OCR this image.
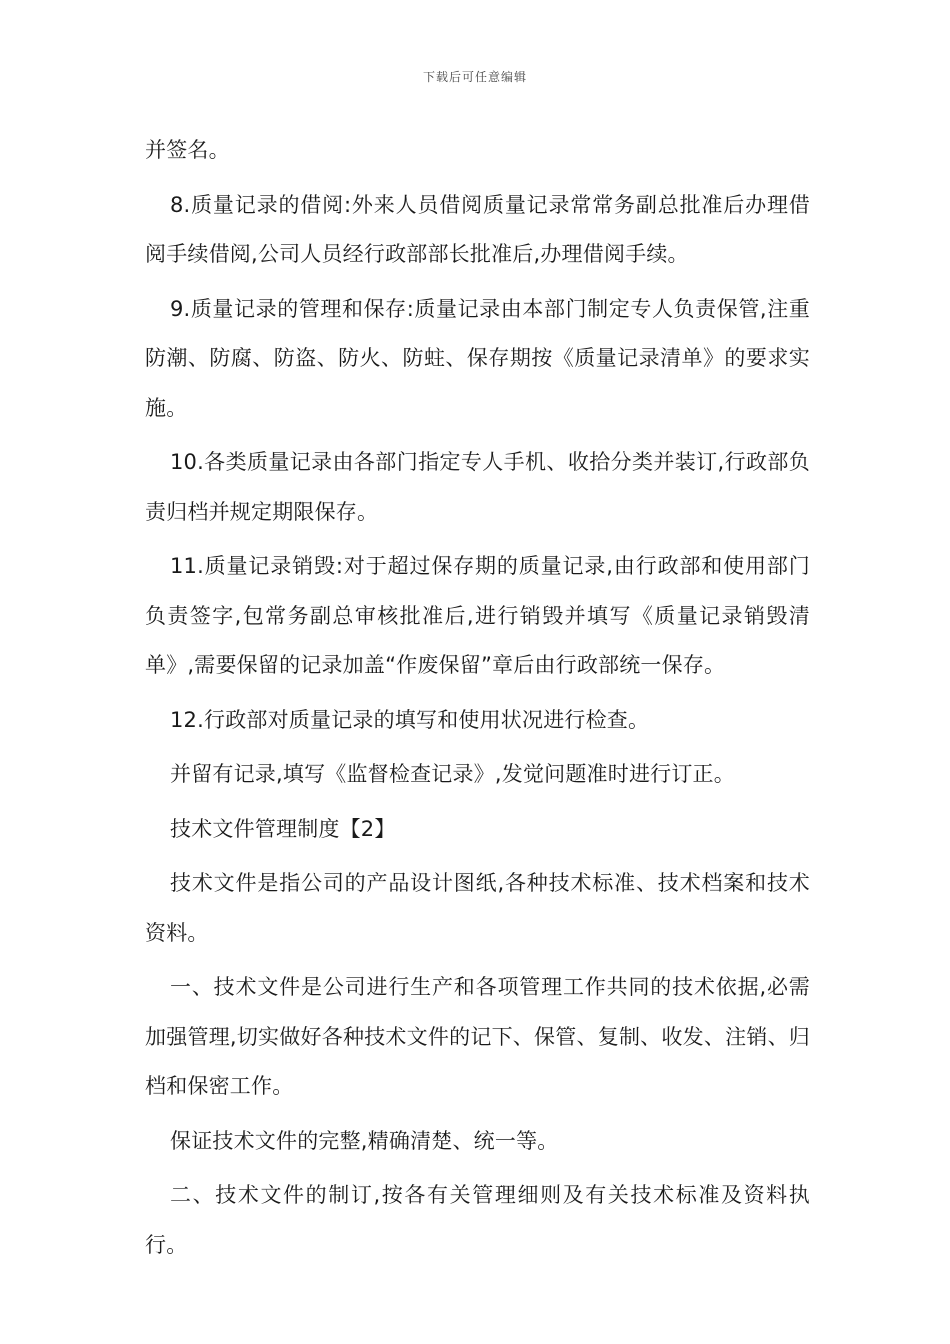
下载后可任意编辑

并签名。

8.质量记录的借阅:外来人员借阅质量记录常常务副总批准后办理借阅手续借阅,公司人员经行政部部长批准后,办理借阅手续。

9.质量记录的管理和保存:质量记录由本部门制定专人负责保管,注重防潮、防腐、防盗、防火、防蛀、保存期按《质量记录清单》的要求实施。

10.各类质量记录由各部门指定专人手机、收拾分类并装订,行政部负责归档并规定期限保存。

11.质量记录销毁:对于超过保存期的质量记录,由行政部和使用部门负责签字,包常务副总审核批准后,进行销毁并填写《质量记录销毁清单》,需要保留的记录加盖“作废保留”章后由行政部统一保存。

12.行政部对质量记录的填写和使用状况进行检查。

并留有记录,填写《监督检查记录》,发觉问题准时进行订正。

技术文件管理制度【2】

技术文件是指公司的产品设计图纸,各种技术标准、技术档案和技术资料。

一、技术文件是公司进行生产和各项管理工作共同的技术依据,必需加强管理,切实做好各种技术文件的记下、保管、复制、收发、注销、归档和保密工作。

保证技术文件的完整,精确清楚、统一等。

二、技术文件的制订,按各有关管理细则及有关技术标准及资料执行。
